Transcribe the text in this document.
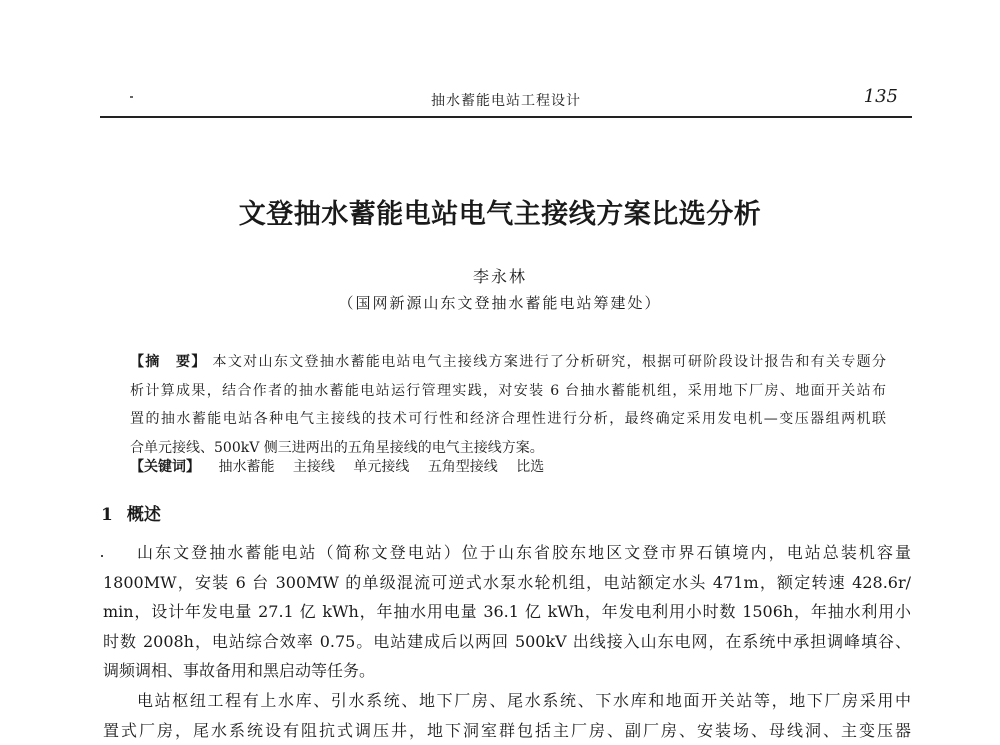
抽水蓄能电站工程设计	135
文登抽水蓄能电站电气主接线方案比选分析
李永林
（国网新源山东文登抽水蓄能电站筹建处）
【摘　要】 本文对山东文登抽水蓄能电站电气主接线方案进行了分析研究，根据可研阶段设计报告和有关专题分
析计算成果，结合作者的抽水蓄能电站运行管理实践，对安装 6 台抽水蓄能机组，采用地下厂房、地面开关站布
置的抽水蓄能电站各种电气主接线的技术可行性和经济合理性进行分析，最终确定采用发电机—变压器组两机联
合单元接线、500kV 侧三进两出的五角星接线的电气主接线方案。
【关键词】 抽水蓄能 主接线 单元接线 五角型接线 比选
1 概述
山东文登抽水蓄能电站（简称文登电站）位于山东省胶东地区文登市界石镇境内，电站总装机容量
1800MW，安装 6 台 300MW 的单级混流可逆式水泵水轮机组，电站额定水头 471m，额定转速 428.6r/
min，设计年发电量 27.1 亿 kWh，年抽水用电量 36.1 亿 kWh，年发电利用小时数 1506h，年抽水利用小
时数 2008h，电站综合效率 0.75。电站建成后以两回 500kV 出线接入山东电网，在系统中承担调峰填谷、
调频调相、事故备用和黑启动等任务。
电站枢纽工程有上水库、引水系统、地下厂房、尾水系统、下水库和地面开关站等，地下厂房采用中
置式厂房，尾水系统设有阻抗式调压井，地下洞室群包括主厂房、副厂房、安装场、母线洞、主变压器
